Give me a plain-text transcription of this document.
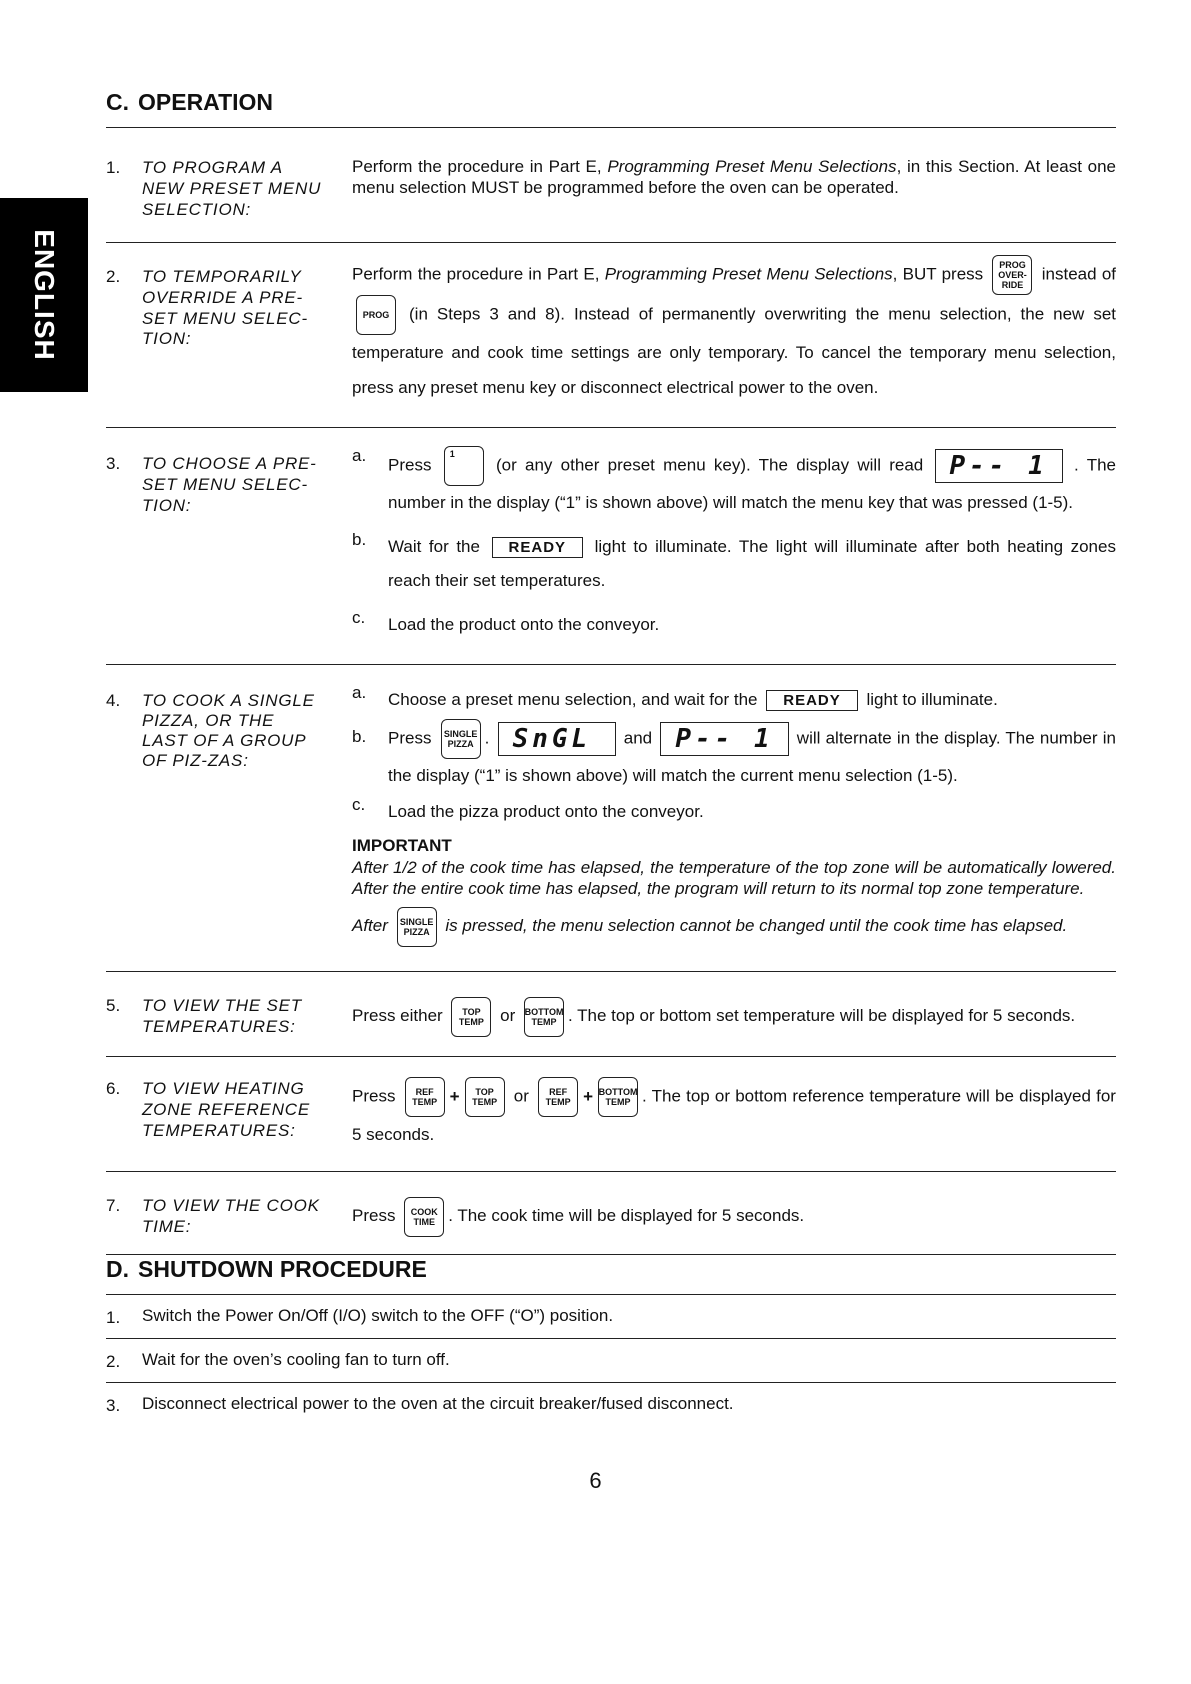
ENGLISH
C. OPERATION
1.	TO PROGRAM A NEW PRESET MENU SELECTION:

Perform the procedure in Part E, Programming Preset Menu Selections, in this Section. At least one menu selection MUST be programmed before the oven can be operated.

2.	TO TEMPORARILY OVERRIDE A PRE-SET MENU SELEC-TION:

Perform the procedure in Part E, Programming Preset Menu Selections, BUT press PROG
OVER-
RIDE
instead of
PROG (in Steps 3 and 8). Instead of permanently overwriting the menu selection, the new set temperature and cook time settings are only temporary. To cancel the temporary menu selection, press any preset menu key or disconnect electrical power to the oven.

3.	TO CHOOSE A PRE-SET MENU SELEC-TION:
a.	Press
1
(or any other preset menu key). The display will read P-- 1 . The number in the display (“1” is shown above) will match the menu key that was pressed (1-5).
b.	Wait for the READY light to illuminate. The light will illuminate after both heating zones reach their set temperatures.
c.	Load the product onto the conveyor.
4.	TO COOK A SINGLE PIZZA, OR THE LAST OF A GROUP OF PIZ-ZAS:
a.	Choose a preset menu selection, and wait for the READY light to illuminate.
b.	Press SINGLE
PIZZA . SnGL and P-- 1 will alternate in the display. The number in the display (“1” is shown above) will match the current menu selection (1-5).
c.	Load the pizza product onto the conveyor.
IMPORTANT
After 1/2 of the cook time has elapsed, the temperature of the top zone will be automatically lowered. After the entire cook time has elapsed, the program will return to its normal top zone temperature.

After SINGLE
PIZZA is pressed, the menu selection cannot be changed until the cook time has elapsed.

5.	TO VIEW THE SET TEMPERATURES:

Press either TOP
TEMP or BOTTOM
TEMP . The top or bottom set temperature will be displayed for 5 seconds.

6.	TO VIEW HEATING ZONE REFERENCE TEMPERATURES:

Press REF
TEMP + TOP
TEMP or REF
TEMP + BOTTOM
TEMP . The top or bottom reference temperature will be displayed for 5 seconds.

7.	TO VIEW THE COOK TIME:

Press COOK
TIME . The cook time will be displayed for 5 seconds.

D. SHUTDOWN PROCEDURE
1.	Switch the Power On/Off (I/O) switch to the OFF (“O”) position.
2.	Wait for the oven’s cooling fan to turn off.
3.	Disconnect electrical power to the oven at the circuit breaker/fused disconnect.
6
